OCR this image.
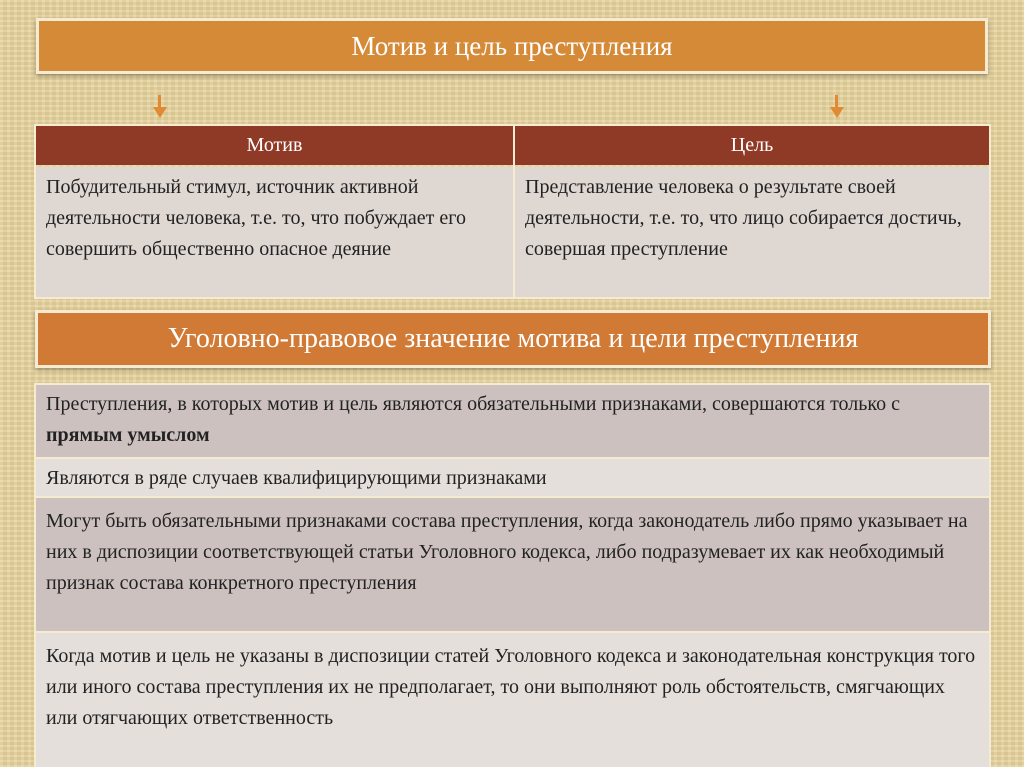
Мотив и цель преступления
Мотив	Цель
Побудительный стимул, источник активной деятельности человека, т.е. то, что побуждает его совершить общественно опасное деяние
Представление человека о результате своей деятельности, т.е. то, что лицо собирается достичь, совершая преступление
Уголовно-правовое значение мотива и цели преступления
Преступления, в которых мотив и цель являются обязательными признаками, совершаются только с прямым умыслом
Являются в ряде случаев квалифицирующими признаками
Могут быть обязательными признаками состава преступления, когда законодатель либо прямо указывает на них в диспозиции соответствующей статьи Уголовного кодекса, либо подразумевает их как необходимый признак состава конкретного преступления
Когда мотив и цель не указаны в диспозиции статей Уголовного кодекса и законодательная конструкция того или иного состава преступления их не предполагает, то они выполняют роль обстоятельств, смягчающих или отягчающих ответственность
